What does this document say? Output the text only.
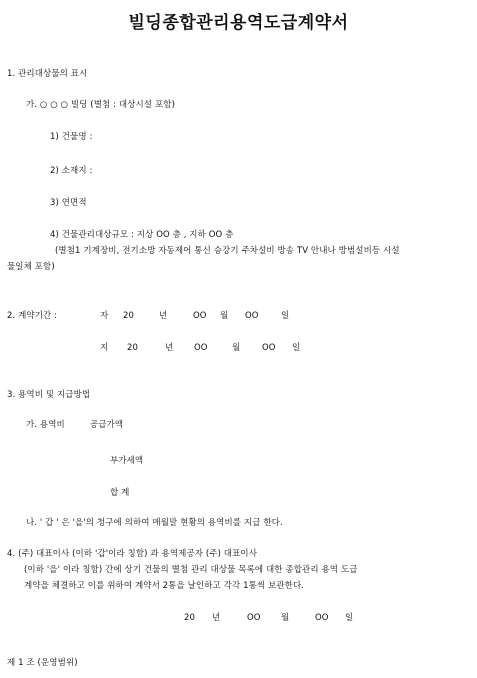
빌딩종합관리용역도급계약서
1. 관리대상물의 표시
가. ○ ○ ○ 빌딩 (별첨 : 대상시설 포함)
1) 건물명 :
2) 소재지 :
3) 연면적
4) 건물관리대상규모 : 지상 OO 층 , 지하 OO 층
(별첨1 기계장비, 전기소방 자동제어 통신 승강기 주차설비 방송 TV 안내나 방범설비등 시설
물일체 포함)
2. 계약기간 :	자 20	년	OO 월 OO	일
지 20	년 OO	월	OO 일
3. 용역비 및 지급방법
가. 용역비	공급가액
부가세액
합 계
나. ' 갑 ' 은 '을'의 청구에 의하여 매월말 현황의 용역비를 지급 한다.
4. (주) 대표이사 (이하 '갑'이라 칭함) 과 용역제공자 (주) 대표이사
(이하 '을' 이라 칭함) 간에 상기 건물의 별첨 관리 대상물 목록에 대한 종합관리 용역 도급
계약을 체결하고 이를 위하여 계약서 2통을 날인하고 각각 1통씩 보관한다.
20 년	OO 월	OO 일
제 1 조 (운영범위)
